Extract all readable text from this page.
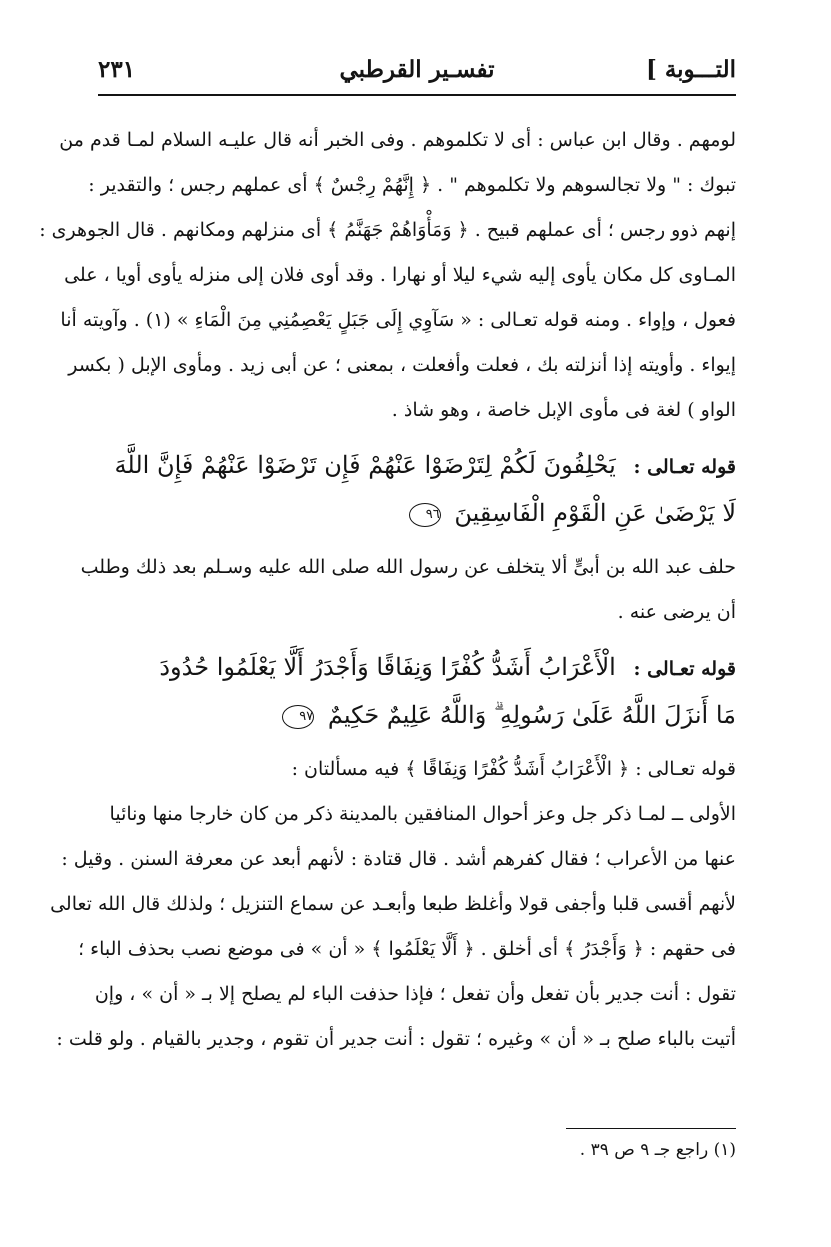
التـــوبة ]
تفسـير القرطبي
٢٣١
لومهم . وقال ابن عباس : أى لا تكلموهم . وفى الخبر أنه قال عليـه السلام لمـا قدم من
تبوك : " ولا تجالسوهم ولا تكلموهم " . ﴿ إِنَّهُمْ رِجْسٌ ﴾ أى عملهم رجس ؛ والتقدير :
إنهم ذوو رجس ؛ أى عملهم قبيح . ﴿ وَمَأْوَاهُمْ جَهَنَّمُ ﴾ أى منزلهم ومكانهم . قال الجوهرى :
المـاوى كل مكان يأوى إليه شيء ليلا أو نهارا . وقد أوى فلان إلى منزله يأوى أويا ، على
فعول ، وإواء . ومنه قوله تعـالى : « سَآوِي إِلَى جَبَلٍ يَعْصِمُنِي مِنَ الْمَاءِ » (١) . وآويته أنا
إيواء . وأويته إذا أنزلته بك ، فعلت وأفعلت ، بمعنى ؛ عن أبى زيد . ومأوى الإبل ( بكسر
الواو ) لغة فى مأوى الإبل خاصة ، وهو شاذ .
قوله تعـالى : يَحْلِفُونَ لَكُمْ لِتَرْضَوْا عَنْهُمْ فَإِن تَرْضَوْا عَنْهُمْ فَإِنَّ اللَّهَ
لَا يَرْضَىٰ عَنِ الْقَوْمِ الْفَاسِقِينَ ٩٦
حلف عبد الله بن أبىٍّ ألا يتخلف عن رسول الله صلى الله عليه وسـلم بعد ذلك وطلب
أن يرضى عنه .
قوله تعـالى : الْأَعْرَابُ أَشَدُّ كُفْرًا وَنِفَاقًا وَأَجْدَرُ أَلَّا يَعْلَمُوا حُدُودَ
مَا أَنزَلَ اللَّهُ عَلَىٰ رَسُولِهِ ۗ وَاللَّهُ عَلِيمٌ حَكِيمٌ ٩٧
قوله تعـالى : ﴿ الْأَعْرَابُ أَشَدُّ كُفْرًا وَنِفَاقًا ﴾ فيه مسألتان :
الأولى ــ لمـا ذكر جل وعز أحوال المنافقين بالمدينة ذكر من كان خارجا منها ونائيا
عنها من الأعراب ؛ فقال كفرهم أشد . قال قتادة : لأنهم أبعد عن معرفة السنن . وقيل :
لأنهم أقسى قلبا وأجفى قولا وأغلظ طبعا وأبعـد عن سماع التنزيل ؛ ولذلك قال الله تعالى
فى حقهم : ﴿ وَأَجْدَرُ ﴾ أى أخلق . ﴿ أَلَّا يَعْلَمُوا ﴾ « أن » فى موضع نصب بحذف الباء ؛
تقول : أنت جدير بأن تفعل وأن تفعل ؛ فإذا حذفت الباء لم يصلح إلا بـ « أن » ، وإن
أتيت بالباء صلح بـ « أن » وغيره ؛ تقول : أنت جدير أن تقوم ، وجدير بالقيام . ولو قلت :
(١) راجع جـ ٩ ص ٣٩ .
